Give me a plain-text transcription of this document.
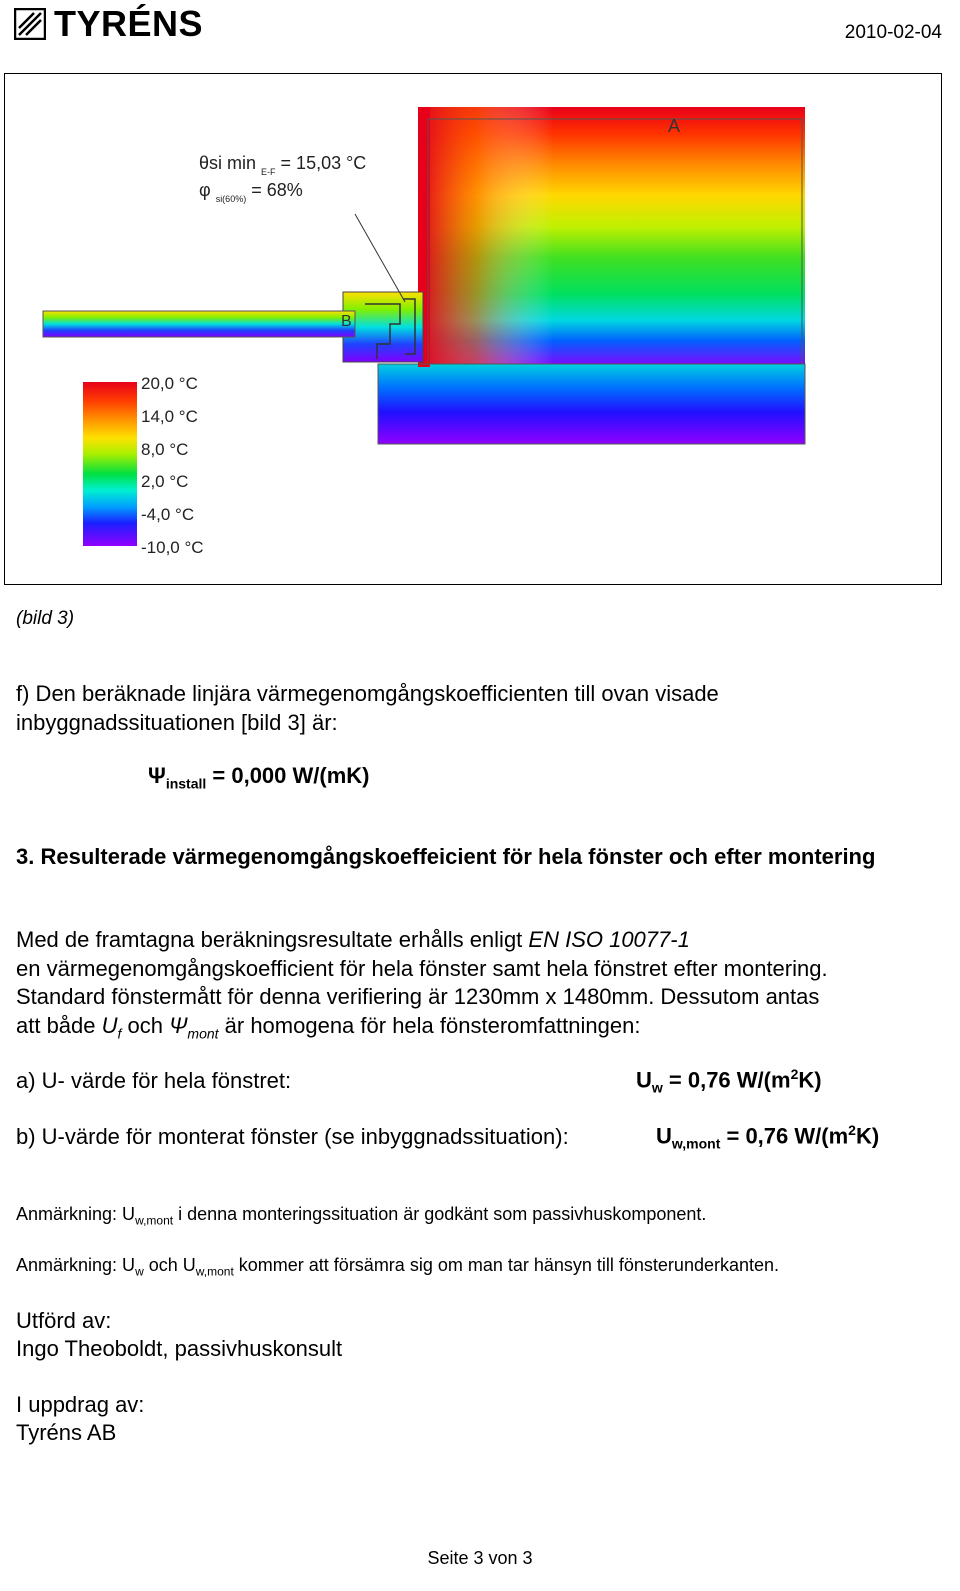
TYRÉNS	2010-02-04
A
B
θsi min $_{E-F}$ = 15,03 °C
φ $_{si(60\%)}$ = 68%
20,0 °C
14,0 °C
8,0 °C
2,0 °C
-4,0 °C
-10,0 °C
(bild 3)
f) Den beräknade linjära värmegenomgångskoefficienten till ovan visade
inbyggnadssituationen [bild 3] är:
$\Psi_{install} = 0,000$ W/(mK)
3. Resulterade värmegenomgångskoeffeicient för hela fönster och efter montering
Med de framtagna beräkningsresultate erhålls enligt EN ISO 10077-1
en värmegenomgångskoefficient för hela fönster samt hela fönstret efter montering.
Standard fönstermått för denna verifiering är 1230mm x 1480mm. Dessutom antas
att både $U_f$ och $\Psi_{mont}$ är homogena för hela fönsteromfattningen:
a) U- värde för hela fönstret:	$U_w = 0,76$ $W/(m^2K)$
b) U-värde för monterat fönster (se inbyggnadssituation):	$U_{w,mont} = 0,76$ $W/(m^2K)$
Anmärkning: $U_{w,mont}$ i denna monteringssituation är godkänt som passivhuskomponent.
Anmärkning: $U_w$ och $U_{w,mont}$ kommer att försämra sig om man tar hänsyn till fönsterunderkanten.
Utförd av:
Ingo Theoboldt, passivhuskonsult
I uppdrag av:
Tyréns AB
Seite 3 von 3
